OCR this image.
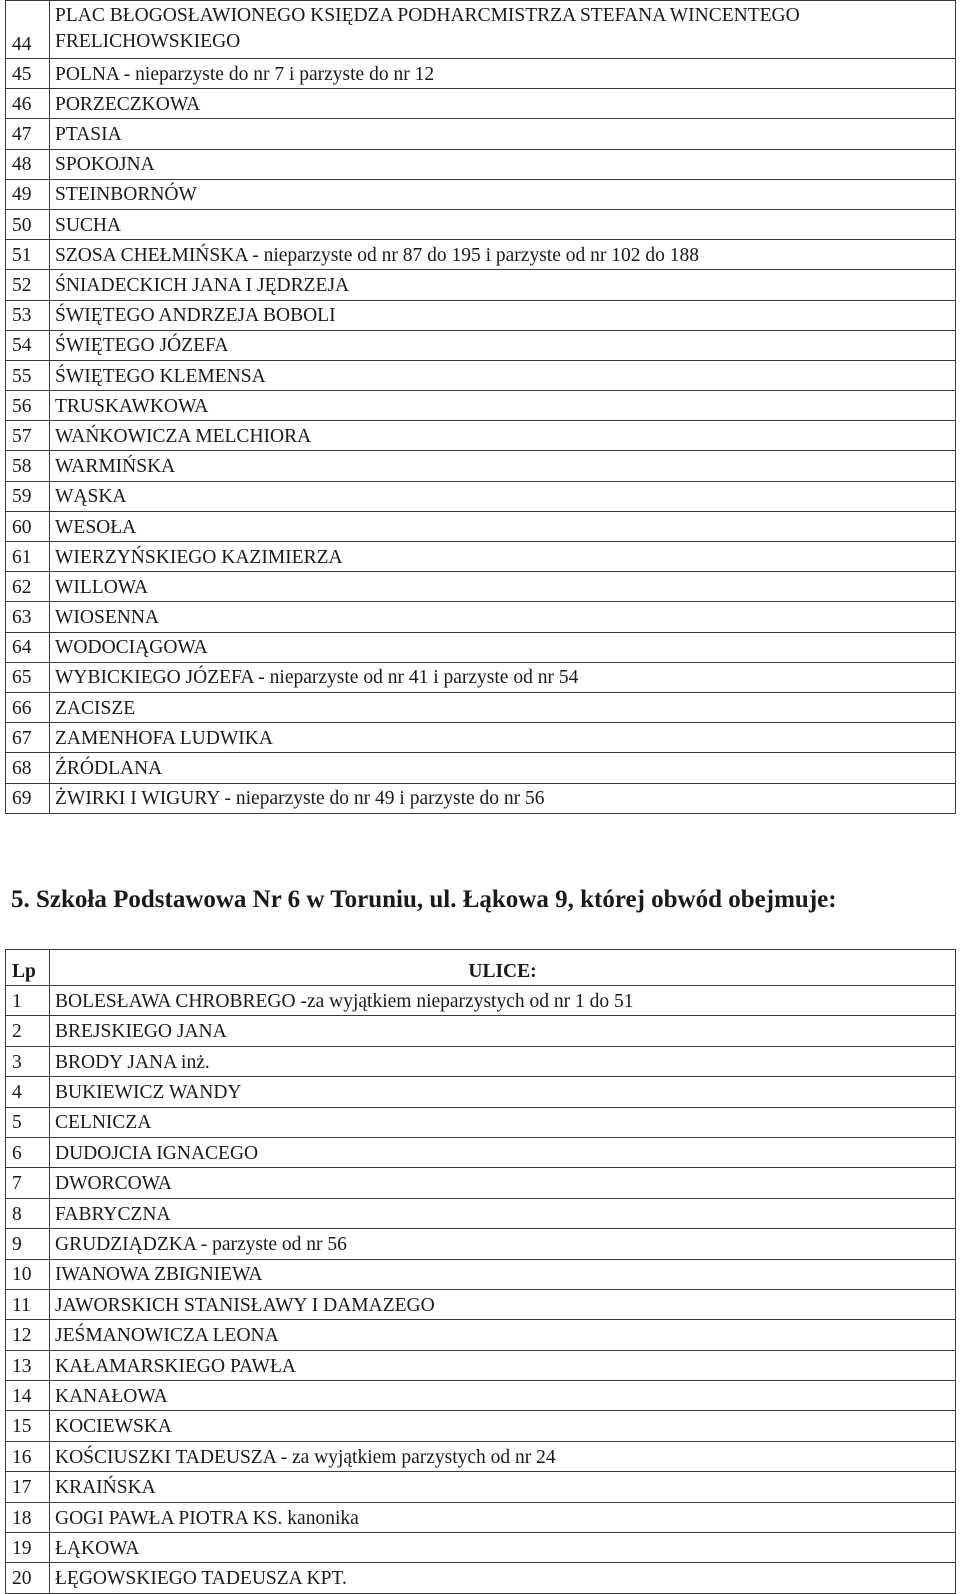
44	PLAC BŁOGOSŁAWIONEGO KSIĘDZA PODHARCMISTRZA STEFANA WINCENTEGO FRELICHOWSKIEGO
45	POLNA - nieparzyste do nr 7 i parzyste do nr 12
46	PORZECZKOWA
47	PTASIA
48	SPOKOJNA
49	STEINBORNÓW
50	SUCHA
51	SZOSA CHEŁMIŃSKA - nieparzyste od nr 87 do 195 i parzyste od nr 102 do 188
52	ŚNIADECKICH JANA I JĘDRZEJA
53	ŚWIĘTEGO ANDRZEJA BOBOLI
54	ŚWIĘTEGO JÓZEFA
55	ŚWIĘTEGO KLEMENSA
56	TRUSKAWKOWA
57	WAŃKOWICZA MELCHIORA
58	WARMIŃSKA
59	WĄSKA
60	WESOŁA
61	WIERZYŃSKIEGO KAZIMIERZA
62	WILLOWA
63	WIOSENNA
64	WODOCIĄGOWA
65	WYBICKIEGO JÓZEFA - nieparzyste od nr 41 i parzyste od nr 54
66	ZACISZE
67	ZAMENHOFA LUDWIKA
68	ŹRÓDLANA
69	ŻWIRKI I WIGURY - nieparzyste do nr 49 i parzyste do nr 56
5. Szkoła Podstawowa Nr 6 w Toruniu, ul. Łąkowa 9, której obwód obejmuje:
Lp	ULICE:
1	BOLESŁAWA CHROBREGO -za wyjątkiem nieparzystych od nr 1 do 51
2	BREJSKIEGO JANA
3	BRODY JANA inż.
4	BUKIEWICZ WANDY
5	CELNICZA
6	DUDOJCIA IGNACEGO
7	DWORCOWA
8	FABRYCZNA
9	GRUDZIĄDZKA - parzyste od nr 56
10	IWANOWA ZBIGNIEWA
11	JAWORSKICH STANISŁAWY I DAMAZEGO
12	JEŚMANOWICZA LEONA
13	KAŁAMARSKIEGO PAWŁA
14	KANAŁOWA
15	KOCIEWSKA
16	KOŚCIUSZKI TADEUSZA - za wyjątkiem parzystych od nr 24
17	KRAIŃSKA
18	GOGI PAWŁA PIOTRA KS. kanonika
19	ŁĄKOWA
20	ŁĘGOWSKIEGO TADEUSZA KPT.
